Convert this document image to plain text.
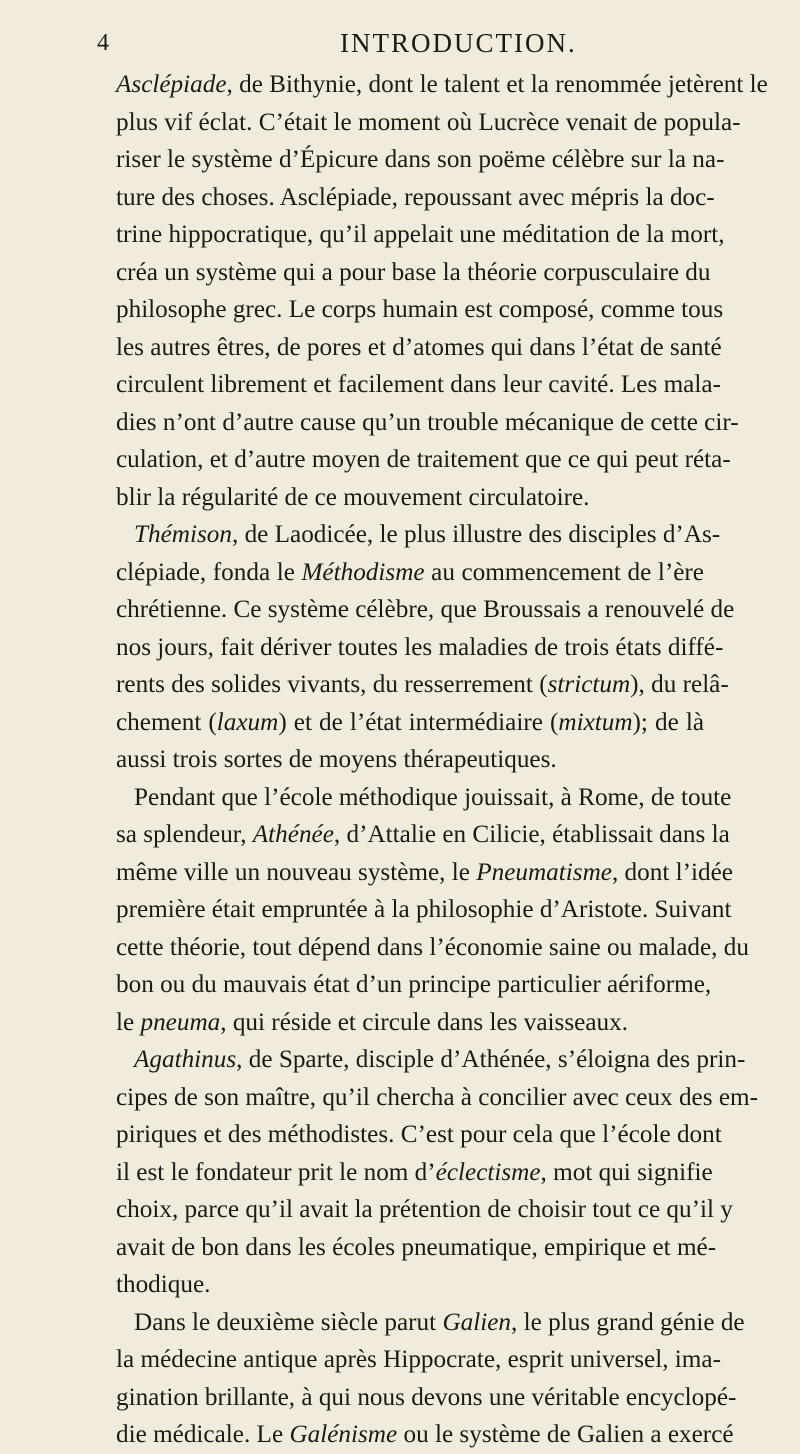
4	INTRODUCTION.
Asclépiade, de Bithynie, dont le talent et la renommée jetèrent le
plus vif éclat. C’était le moment où Lucrèce venait de popula-
riser le système d’Épicure dans son poëme célèbre sur la na-
ture des choses. Asclépiade, repoussant avec mépris la doc-
trine hippocratique, qu’il appelait une méditation de la mort,
créa un système qui a pour base la théorie corpusculaire du
philosophe grec. Le corps humain est composé, comme tous
les autres êtres, de pores et d’atomes qui dans l’état de santé
circulent librement et facilement dans leur cavité. Les mala-
dies n’ont d’autre cause qu’un trouble mécanique de cette cir-
culation, et d’autre moyen de traitement que ce qui peut réta-
blir la régularité de ce mouvement circulatoire.
Thémison, de Laodicée, le plus illustre des disciples d’As-
clépiade, fonda le Méthodisme au commencement de l’ère
chrétienne. Ce système célèbre, que Broussais a renouvelé de
nos jours, fait dériver toutes les maladies de trois états diffé-
rents des solides vivants, du resserrement (strictum), du relâ-
chement (laxum) et de l’état intermédiaire (mixtum); de là
aussi trois sortes de moyens thérapeutiques.
Pendant que l’école méthodique jouissait, à Rome, de toute
sa splendeur, Athénée, d’Attalie en Cilicie, établissait dans la
même ville un nouveau système, le Pneumatisme, dont l’idée
première était empruntée à la philosophie d’Aristote. Suivant
cette théorie, tout dépend dans l’économie saine ou malade, du
bon ou du mauvais état d’un principe particulier aériforme,
le pneuma, qui réside et circule dans les vaisseaux.
Agathinus, de Sparte, disciple d’Athénée, s’éloigna des prin-
cipes de son maître, qu’il chercha à concilier avec ceux des em-
piriques et des méthodistes. C’est pour cela que l’école dont
il est le fondateur prit le nom d’éclectisme, mot qui signifie
choix, parce qu’il avait la prétention de choisir tout ce qu’il y
avait de bon dans les écoles pneumatique, empirique et mé-
thodique.
Dans le deuxième siècle parut Galien, le plus grand génie de
la médecine antique après Hippocrate, esprit universel, ima-
gination brillante, à qui nous devons une véritable encyclopé-
die médicale. Le Galénisme ou le système de Galien a exercé
